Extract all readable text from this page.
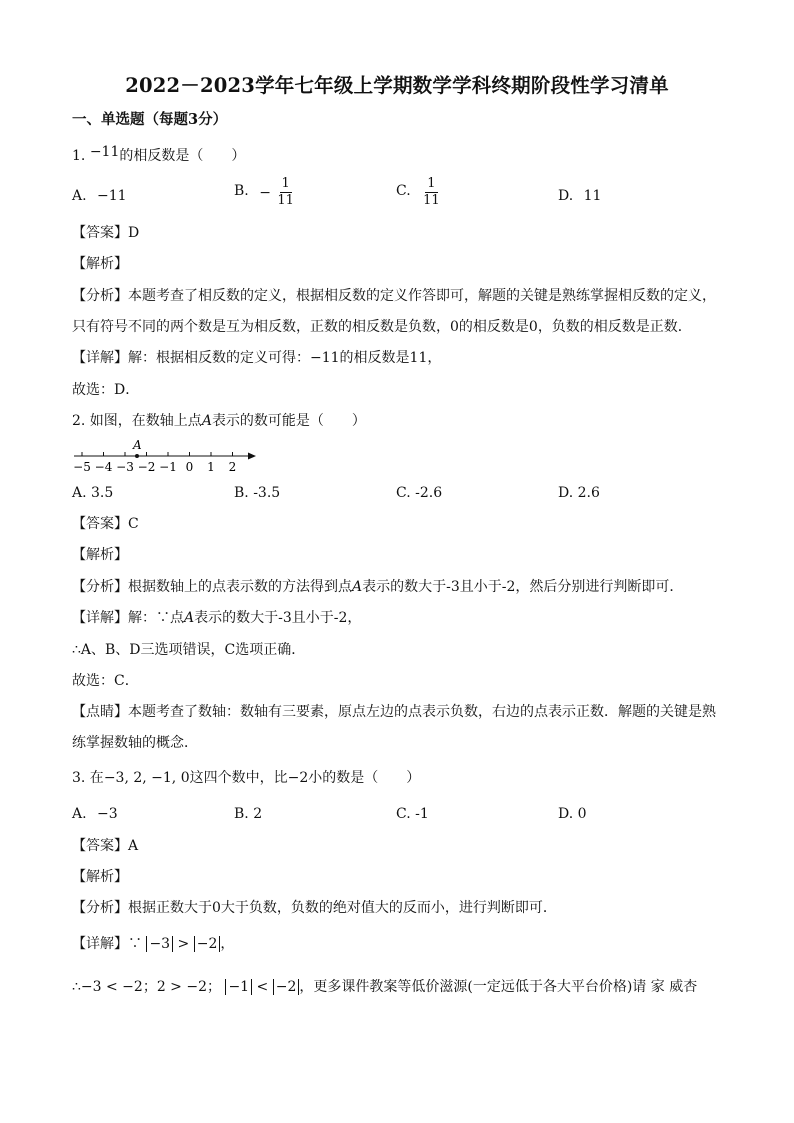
2022－2023学年七年级上学期数学学科终期阶段性学习清单
一、单选题（每题3分）
1. −11的相反数是（　　）
A. −11	B. − $\frac{1}{11}$	C. $\frac{1}{11}$	D. 11
【答案】D
【解析】
【分析】本题考查了相反数的定义，根据相反数的定义作答即可，解题的关键是熟练掌握相反数的定义，
只有符号不同的两个数是互为相反数，正数的相反数是负数，0的相反数是0，负数的相反数是正数．
【详解】解：根据相反数的定义可得：−11的相反数是11，
故选：D．
2. 如图，在数轴上点A表示的数可能是（　　）
−5 −4 −3 −2 −1 0 1 2
A
A. 3.5	B. -3.5	C. -2.6	D. 2.6
【答案】C
【解析】
【分析】根据数轴上的点表示数的方法得到点A表示的数大于-3且小于-2，然后分别进行判断即可．
【详解】解：∵点A表示的数大于-3且小于-2，
∴A、B、D三选项错误，C选项正确．
故选：C．
【点睛】本题考查了数轴：数轴有三要素，原点左边的点表示负数，右边的点表示正数．解题的关键是熟
练掌握数轴的概念．
3. 在−3, 2, −1, 0这四个数中，比−2小的数是（　　）
A. −3	B. 2	C. -1	D. 0
【答案】A
【解析】
【分析】根据正数大于0大于负数，负数的绝对值大的反而小，进行判断即可．
【详解】∵ −3 > −2 ，
∴−3 < −2；2 > −2； −1 < −2 ，更多课件教案等低价滋源(一定远低于各大平台价格)请 家 威杏
